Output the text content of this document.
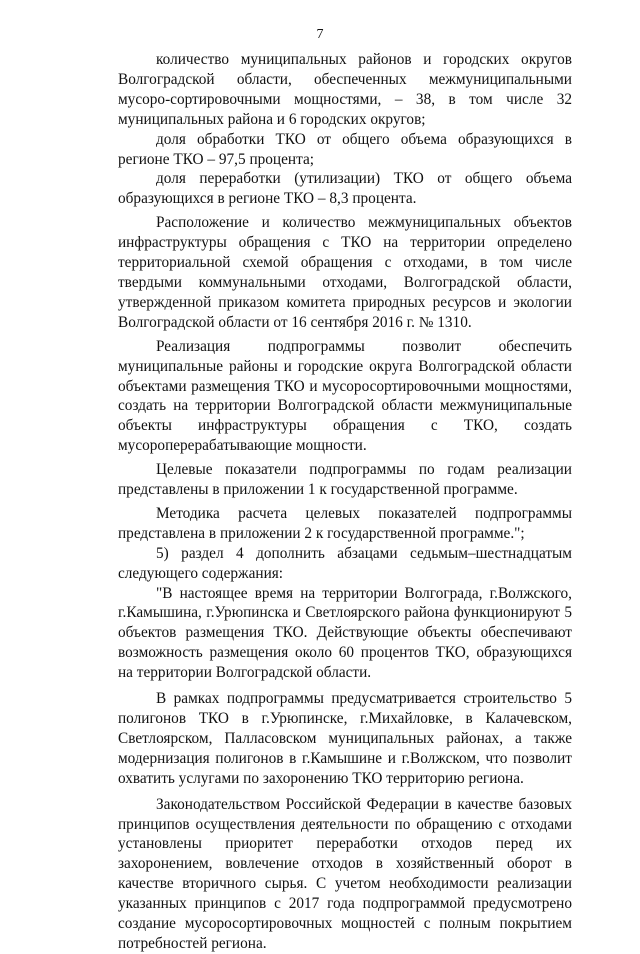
7

количество муниципальных районов и городских округов Волгоградской области, обеспеченных межмуниципальными мусоро-сортировочными мощностями, – 38, в том числе 32 муниципальных района и 6 городских округов;

доля обработки ТКО от общего объема образующихся в регионе ТКО – 97,5 процента;

доля переработки (утилизации) ТКО от общего объема образующихся в регионе ТКО – 8,3 процента.

Расположение и количество межмуниципальных объектов инфраструктуры обращения с ТКО на территории определено территориальной схемой обращения с отходами, в том числе твердыми коммунальными отходами, Волгоградской области, утвержденной приказом комитета природных ресурсов и экологии Волгоградской области от 16 сентября 2016 г. № 1310.

Реализация подпрограммы позволит обеспечить муниципальные районы и городские округа Волгоградской области объектами размещения ТКО и мусоросортировочными мощностями, создать на территории Волгоградской области межмуниципальные объекты инфраструктуры обращения с ТКО, создать мусороперерабатывающие мощности.

Целевые показатели подпрограммы по годам реализации представлены в приложении 1 к государственной программе.

Методика расчета целевых показателей подпрограммы представлена в приложении 2 к государственной программе.";

5) раздел 4 дополнить абзацами седьмым–шестнадцатым следующего содержания:

"В настоящее время на территории Волгограда, г.Волжского, г.Камышина, г.Урюпинска и Светлоярского района функционируют 5 объектов размещения ТКО. Действующие объекты обеспечивают возможность размещения около 60 процентов ТКО, образующихся на территории Волгоградской области.

В рамках подпрограммы предусматривается строительство 5 полигонов ТКО в г.Урюпинске, г.Михайловке, в Калачевском, Светлоярском, Палласовском муниципальных районах, а также модернизация полигонов в г.Камышине и г.Волжском, что позволит охватить услугами по захоронению ТКО территорию региона.

Законодательством Российской Федерации в качестве базовых принципов осуществления деятельности по обращению с отходами установлены приоритет переработки отходов перед их захоронением, вовлечение отходов в хозяйственный оборот в качестве вторичного сырья. С учетом необходимости реализации указанных принципов с 2017 года подпрограммой предусмотрено создание мусоросортировочных мощностей с полным покрытием потребностей региона.
